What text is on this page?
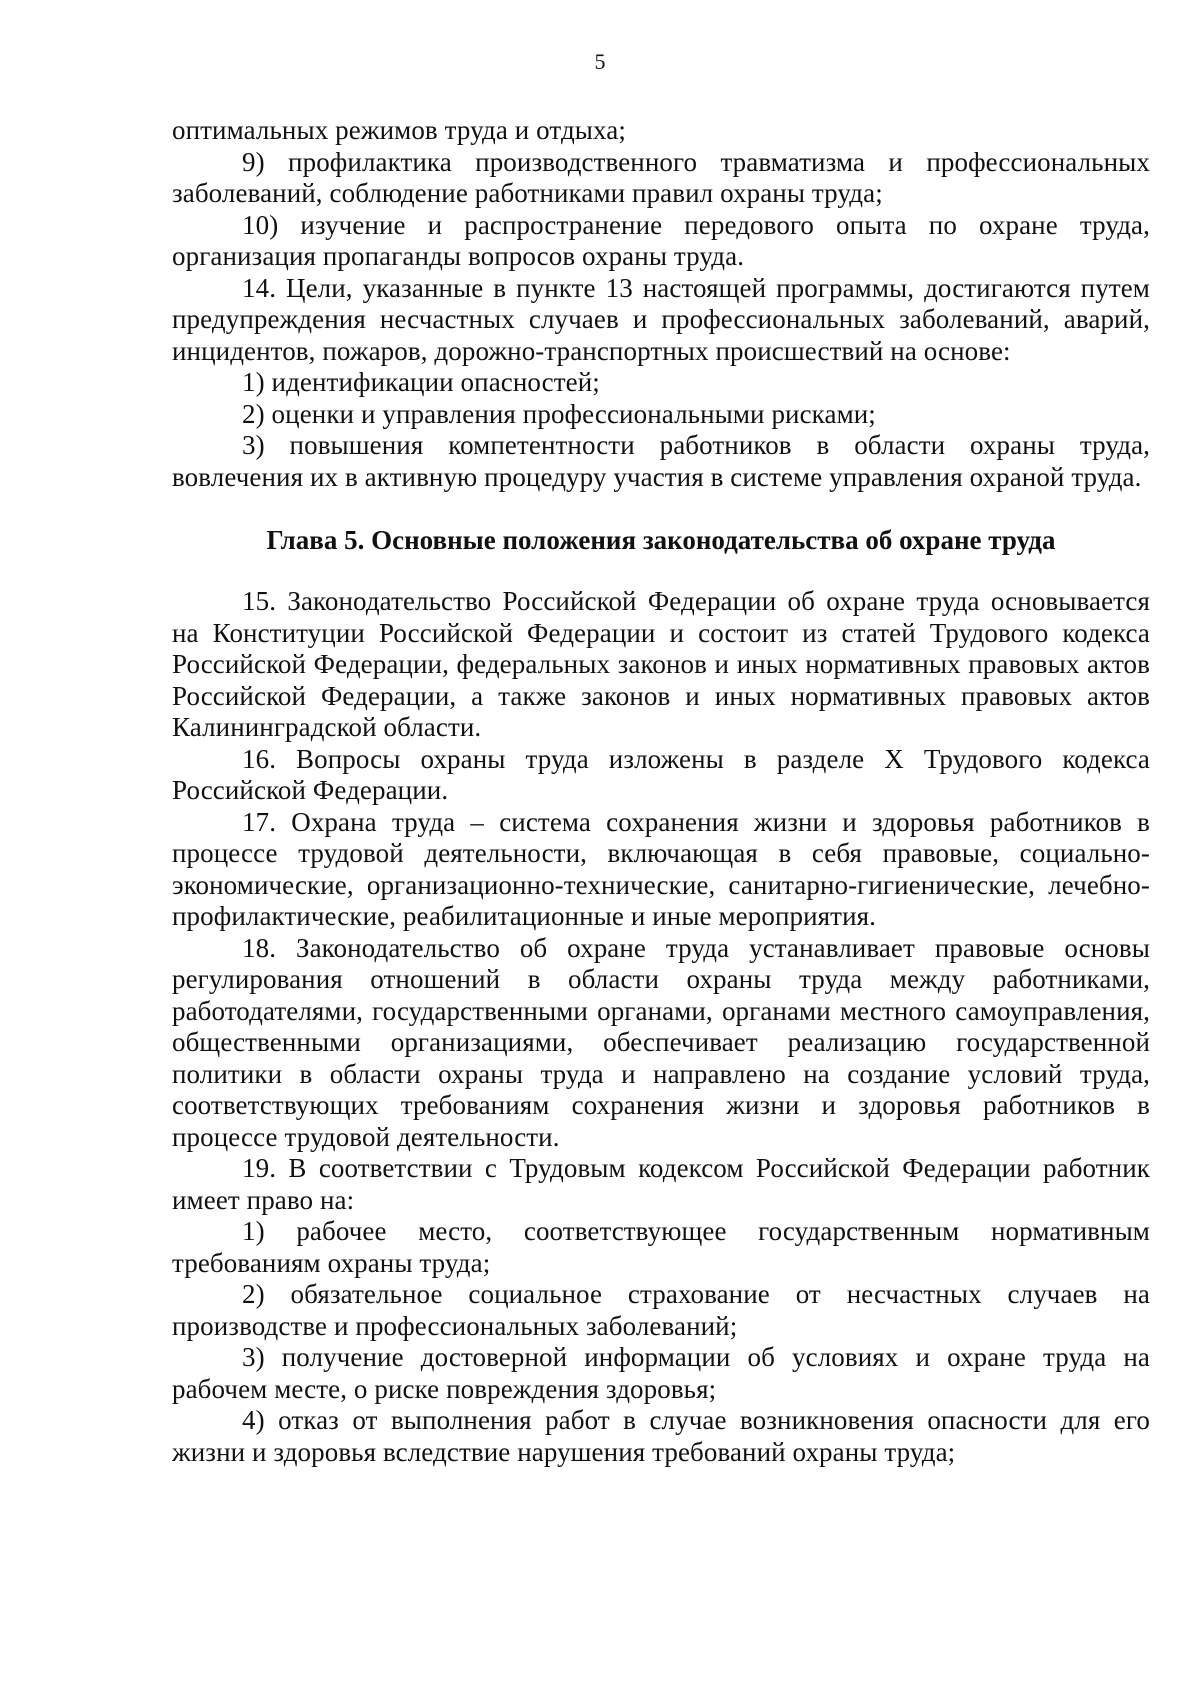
5

оптимальных режимов труда и отдыха;

9) профилактика производственного травматизма и профессиональных заболеваний, соблюдение работниками правил охраны труда;

10) изучение и распространение передового опыта по охране труда, организация пропаганды вопросов охраны труда.

14. Цели, указанные в пункте 13 настоящей программы, достигаются путем предупреждения несчастных случаев и профессиональных заболеваний, аварий, инцидентов, пожаров, дорожно-транспортных происшествий на основе:

1) идентификации опасностей;

2) оценки и управления профессиональными рисками;

3) повышения компетентности работников в области охраны труда, вовлечения их в активную процедуру участия в системе управления охраной труда.

Глава 5. Основные положения законодательства об охране труда

15. Законодательство Российской Федерации об охране труда основывается на Конституции Российской Федерации и состоит из статей Трудового кодекса Российской Федерации, федеральных законов и иных нормативных правовых актов Российской Федерации, а также законов и иных нормативных правовых актов Калининградской области.

16. Вопросы охраны труда изложены в разделе X Трудового кодекса Российской Федерации.

17. Охрана труда – система сохранения жизни и здоровья работников в процессе трудовой деятельности, включающая в себя правовые, социально-экономические, организационно-технические, санитарно-гигиенические, лечебно-профилактические, реабилитационные и иные мероприятия.

18. Законодательство об охране труда устанавливает правовые основы регулирования отношений в области охраны труда между работниками, работодателями, государственными органами, органами местного самоуправления, общественными организациями, обеспечивает реализацию государственной политики в области охраны труда и направлено на создание условий труда, соответствующих требованиям сохранения жизни и здоровья работников в процессе трудовой деятельности.

19. В соответствии с Трудовым кодексом Российской Федерации работник имеет право на:

1) рабочее место, соответствующее государственным нормативным требованиям охраны труда;

2) обязательное социальное страхование от несчастных случаев на производстве и профессиональных заболеваний;

3) получение достоверной информации об условиях и охране труда на рабочем месте, о риске повреждения здоровья;

4) отказ от выполнения работ в случае возникновения опасности для его жизни и здоровья вследствие нарушения требований охраны труда;
